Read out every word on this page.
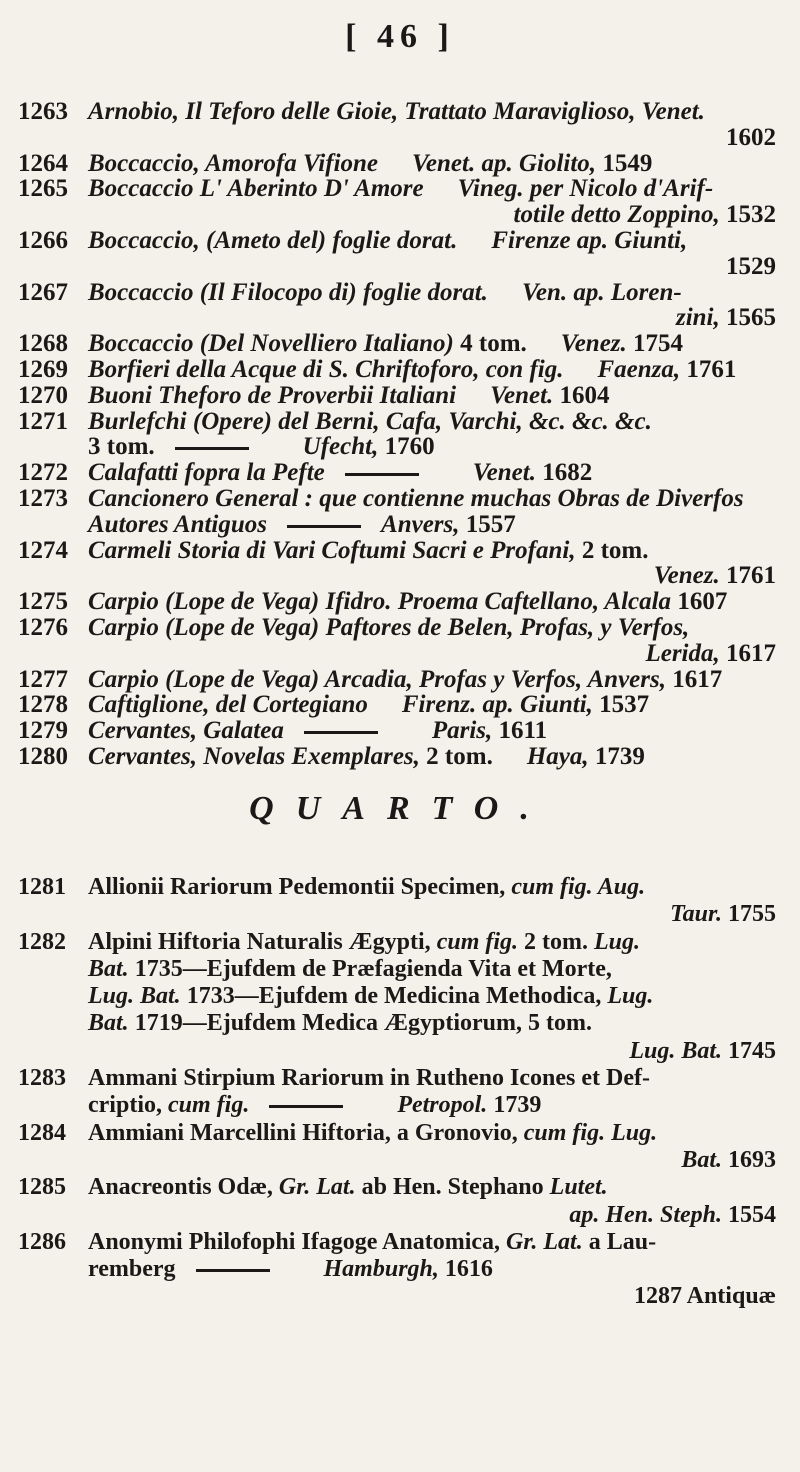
[ 46 ]
1263 Arnobio, Il Teforo delle Gioie, Trattato Maraviglioso, Venet.
1602
1264 Boccaccio, Amorofa Vifione Venet. ap. Giolito, 1549
1265 Boccaccio L' Aberinto D' Amore Vineg. per Nicolo d'Arif-
totile detto Zoppino, 1532
1266 Boccaccio, (Ameto del) foglie dorat. Firenze ap. Giunti,
1529
1267 Boccaccio (Il Filocopo di) foglie dorat. Ven. ap. Loren-
zini, 1565
1268 Boccaccio (Del Novelliero Italiano) 4 tom. Venez. 1754
1269 Borfieri della Acque di S. Chriftoforo, con fig. Faenza, 1761
1270 Buoni Theforo de Proverbii Italiani Venet. 1604
1271 Burlefchi (Opere) del Berni, Cafa, Varchi, &c. &c. &c.
3 tom.	Ufecht, 1760
1272 Calafatti fopra la Pefte	Venet. 1682
1273 Cancionero General : que contienne muchas Obras de Diverfos
Autores Antiguos	Anvers, 1557
1274 Carmeli Storia di Vari Coftumi Sacri e Profani, 2 tom.
Venez. 1761
1275 Carpio (Lope de Vega) Ifidro. Proema Caftellano, Alcala 1607
1276 Carpio (Lope de Vega) Paftores de Belen, Profas, y Verfos,
Lerida, 1617
1277 Carpio (Lope de Vega) Arcadia, Profas y Verfos, Anvers, 1617
1278 Caftiglione, del Cortegiano Firenz. ap. Giunti, 1537
1279 Cervantes, Galatea	Paris, 1611
1280 Cervantes, Novelas Exemplares, 2 tom. Haya, 1739
QUARTO.
1281 Allionii Rariorum Pedemontii Specimen, cum fig. Aug.
Taur. 1755
1282 Alpini Hiftoria Naturalis Ægypti, cum fig. 2 tom. Lug.
Bat. 1735—Ejufdem de Præfagienda Vita et Morte,
Lug. Bat. 1733—Ejufdem de Medicina Methodica, Lug.
Bat. 1719—Ejufdem Medica Ægyptiorum, 5 tom.
Lug. Bat. 1745
1283 Ammani Stirpium Rariorum in Rutheno Icones et Def-
criptio, cum fig.	Petropol. 1739
1284 Ammiani Marcellini Hiftoria, a Gronovio, cum fig. Lug.
Bat. 1693
1285 Anacreontis Odæ, Gr. Lat. ab Hen. Stephano Lutet.
ap. Hen. Steph. 1554
1286 Anonymi Philofophi Ifagoge Anatomica, Gr. Lat. a Lau-
remberg	Hamburgh, 1616
1287 Antiquæ
